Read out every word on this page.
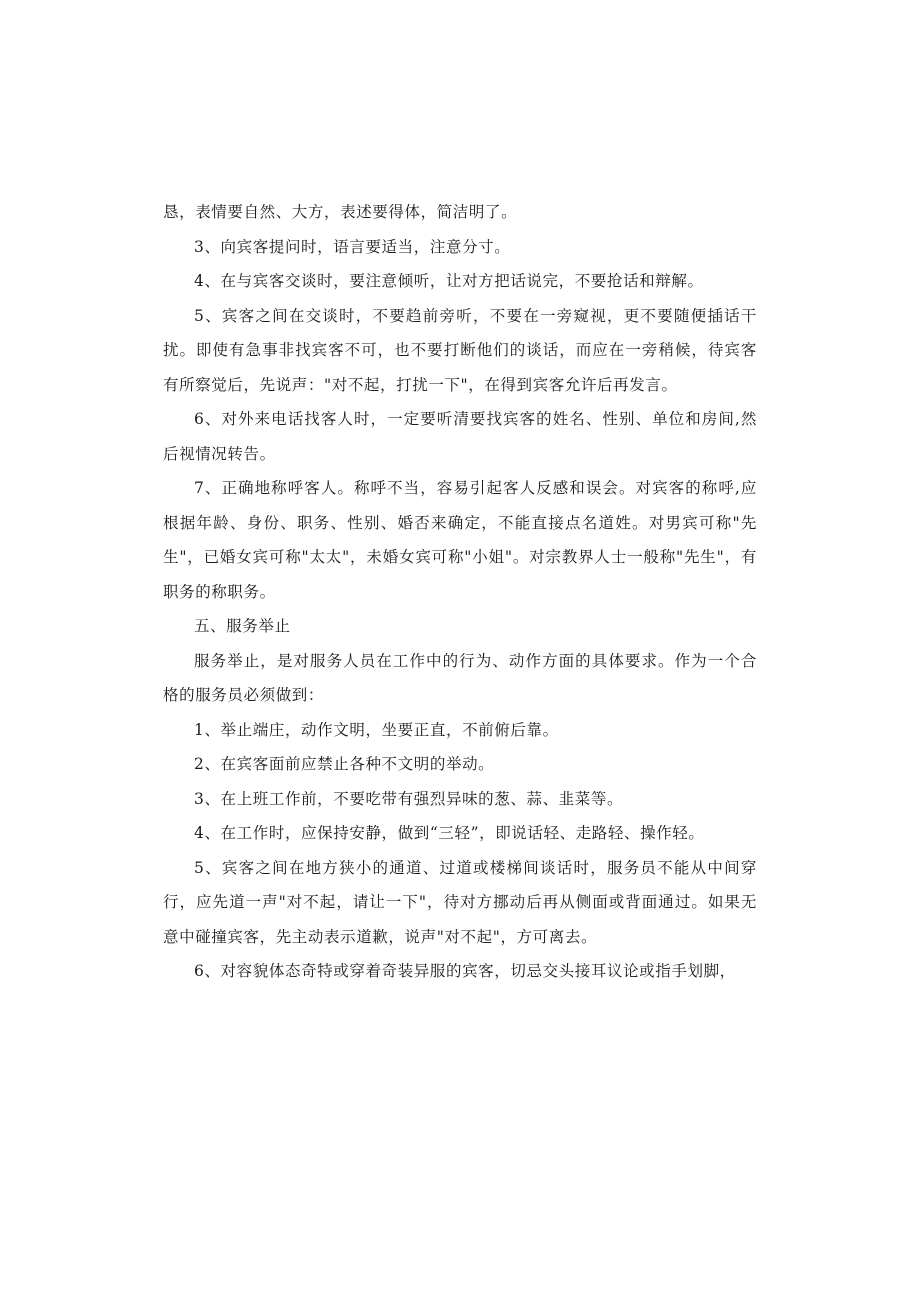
恳，表情要自然、大方，表述要得体，简洁明了。

3、向宾客提问时，语言要适当，注意分寸。

4、在与宾客交谈时，要注意倾听，让对方把话说完，不要抢话和辩解。

5、宾客之间在交谈时，不要趋前旁听，不要在一旁窥视，更不要随便插话干扰。即使有急事非找宾客不可，也不要打断他们的谈话，而应在一旁稍候，待宾客有所察觉后，先说声："对不起，打扰一下"，在得到宾客允许后再发言。

6、对外来电话找客人时，一定要听清要找宾客的姓名、性别、单位和房间,然后视情况转告。

7、正确地称呼客人。称呼不当，容易引起客人反感和误会。对宾客的称呼,应根据年龄、身份、职务、性别、婚否来确定，不能直接点名道姓。对男宾可称"先生"，已婚女宾可称"太太"，未婚女宾可称"小姐"。对宗教界人士一般称"先生"，有职务的称职务。

五、服务举止

服务举止，是对服务人员在工作中的行为、动作方面的具体要求。作为一个合格的服务员必须做到：

1、举止端庄，动作文明，坐要正直，不前俯后靠。

2、在宾客面前应禁止各种不文明的举动。

3、在上班工作前，不要吃带有强烈异味的葱、蒜、韭菜等。

4、在工作时，应保持安静，做到“三轻”，即说话轻、走路轻、操作轻。

5、宾客之间在地方狭小的通道、过道或楼梯间谈话时，服务员不能从中间穿行，应先道一声"对不起，请让一下"，待对方挪动后再从侧面或背面通过。如果无意中碰撞宾客，先主动表示道歉，说声"对不起"，方可离去。

6、对容貌体态奇特或穿着奇装异服的宾客，切忌交头接耳议论或指手划脚，
